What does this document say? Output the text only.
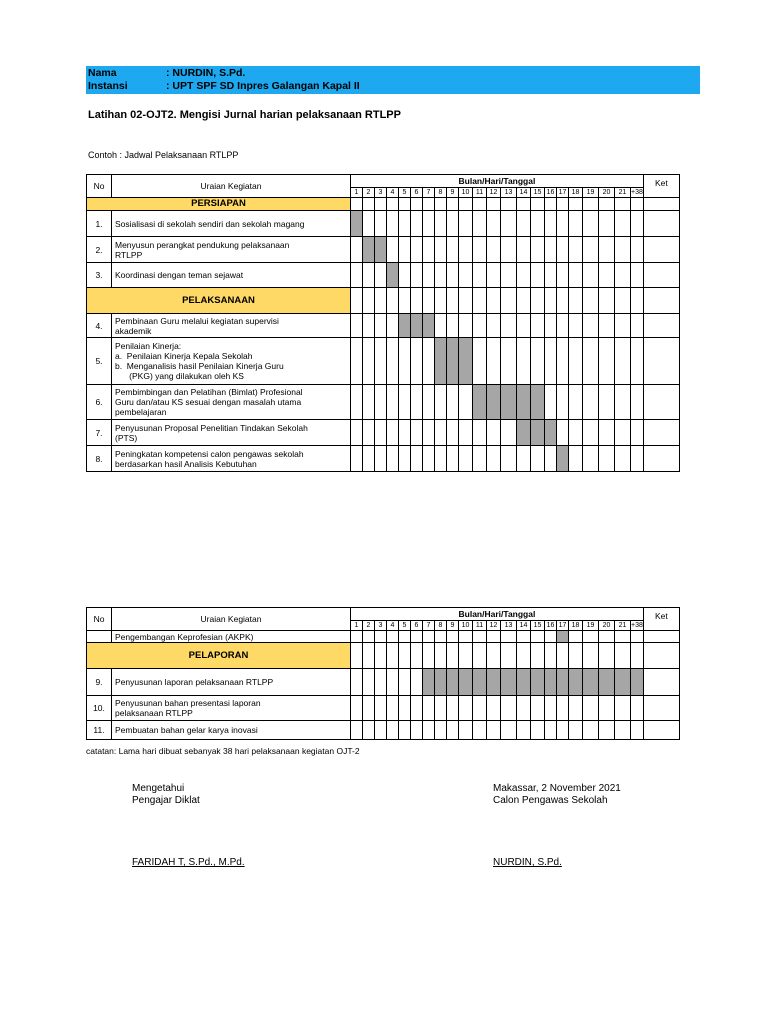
Nama	: NURDIN, S.Pd.
Instansi	: UPT SPF SD Inpres Galangan Kapal II
Latihan 02-OJT2. Mengisi Jurnal harian pelaksanaan RTLPP
Contoh : Jadwal Pelaksanaan RTLPP
No	Uraian Kegiatan	Bulan/Hari/Tanggal																						Ket
		1	2	3	4	5	6	7	8	9	10	11	12	13	14	15	16	17	18	19	20	21	+38	
PERSIAPAN																								
1.	Sosialisasi di sekolah sendiri dan sekolah magang																							

2.	Menyusun perangkat pendukung pelaksanaan
RTLPP																							

3.	Koordinasi dengan teman sejawat																							

PELAKSANAAN																								
4.	Pembinaan Guru melalui kegiatan supervisi
akademik																							

5.	Penilaian Kinerja:
a.  Penilaian Kinerja Kepala Sekolah
b.  Menganalisis hasil Penilaian Kinerja Guru
(PKG) yang dilakukan oleh KS																							

6.	Pembimbingan dan Pelatihan (Bimlat) Profesional
Guru dan/atau KS sesuai dengan masalah utama
pembelajaran																							

7.	Penyusunan Proposal Penelitian Tindakan Sekolah
(PTS)																							

8.	Peningkatan kompetensi calon pengawas sekolah
berdasarkan hasil Analisis Kebutuhan																							

No	Uraian Kegiatan	Bulan/Hari/Tanggal																						Ket
		1	2	3	4	5	6	7	8	9	10	11	12	13	14	15	16	17	18	19	20	21	+38	

	Pengembangan Keprofesian (AKPK)																							

PELAPORAN																								
9.	Penyusunan laporan pelaksanaan RTLPP																							

10.	Penyusunan bahan presentasi laporan
pelaksanaan RTLPP																							

11.	Pembuatan bahan gelar karya inovasi																							

catatan: Lama hari dibuat sebanyak 38 hari pelaksanaan kegiatan OJT-2
Mengetahui
Pengajar Diklat
FARIDAH T, S.Pd., M.Pd.
Makassar, 2 November 2021
Calon Pengawas Sekolah
NURDIN, S.Pd.
